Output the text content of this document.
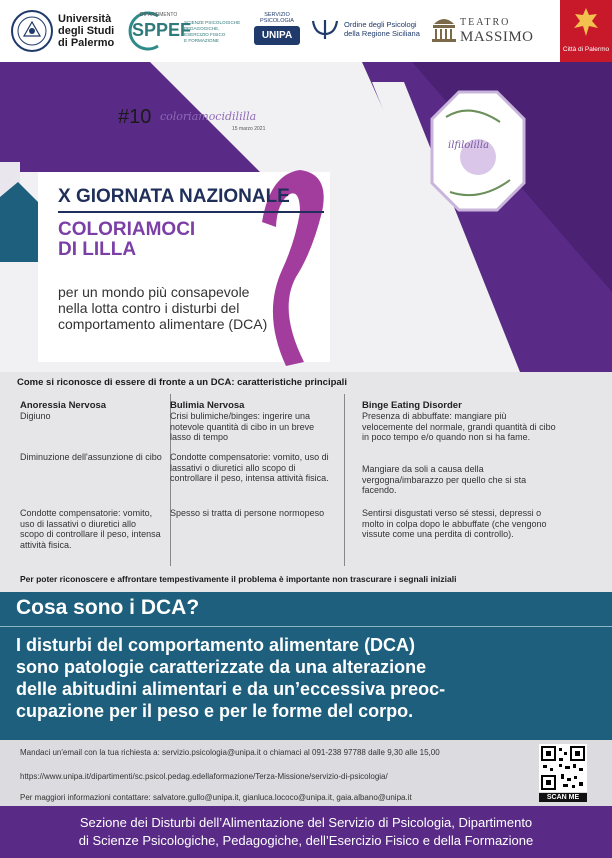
Università
degli Studi
di Palermo
DIPARTIMENTO
SPPEF
SCIENZE PSICOLOGICHE
PEDAGOGICHE,
ESERCIZIO FISICO
E FORMAZIONE
SERVIZIO
PSICOLOGIA
UNIPA
Ordine degli Psicologi
della Regione Siciliana
TEATRO
MASSIMO
Città di Palermo
#10 coloriamocidililla
15 marzo 2021
ilfilolilla
X GIORNATA NAZIONALE
COLORIAMOCI
DI LILLA
per un mondo più consapevole
nella lotta contro i disturbi del
comportamento alimentare (DCA)
Come si riconosce di essere di fronte a un DCA: caratteristiche principali
Anoressia Nervosa
Digiuno
Diminuzione dell'assunzione di cibo
Condotte compensatorie: vomito, uso di lassativi o diuretici allo scopo di controllare il peso, intensa attività fisica.
Bulimia Nervosa
Crisi bulimiche/binges: ingerire una notevole quantità di cibo in un breve lasso di tempo
Condotte compensatorie: vomito, uso di lassativi o diuretici allo scopo di controllare il peso, intensa attività fisica.
Spesso si tratta di persone normopeso
Binge Eating Disorder
Presenza di abbuffate: mangiare più velocemente del normale, grandi quantità di cibo in poco tempo e/o quando non si ha fame.
Mangiare da soli a causa della vergogna/imbarazzo per quello che si sta facendo.
Sentirsi disgustati verso sé stessi, depressi o molto in colpa dopo le abbuffate (che vengono vissute come una perdita di controllo).
Per poter riconoscere e affrontare tempestivamente il problema è importante non trascurare i segnali iniziali
Cosa sono i DCA?
I disturbi del comportamento alimentare (DCA)
sono patologie caratterizzate da una alterazione
delle abitudini alimentari e da un’eccessiva preoc-
cupazione per il peso e per le forme del corpo.
Mandaci un'email con la tua richiesta a: servizio.psicologia@unipa.it o chiamaci al 091-238 97788 dalle 9,30 alle 15,00
https://www.unipa.it/dipartimenti/sc.psicol.pedag.edellaformazione/Terza-Missione/servizio-di-psicologia/
Per maggiori informazioni contattare: salvatore.gullo@unipa.it, gianluca.lococo@unipa.it, gaia.albano@unipa.it	SCAN ME
Sezione dei Disturbi dell’Alimentazione del Servizio di Psicologia, Dipartimento
di Scienze Psicologiche, Pedagogiche, dell’Esercizio Fisico e della Formazione
